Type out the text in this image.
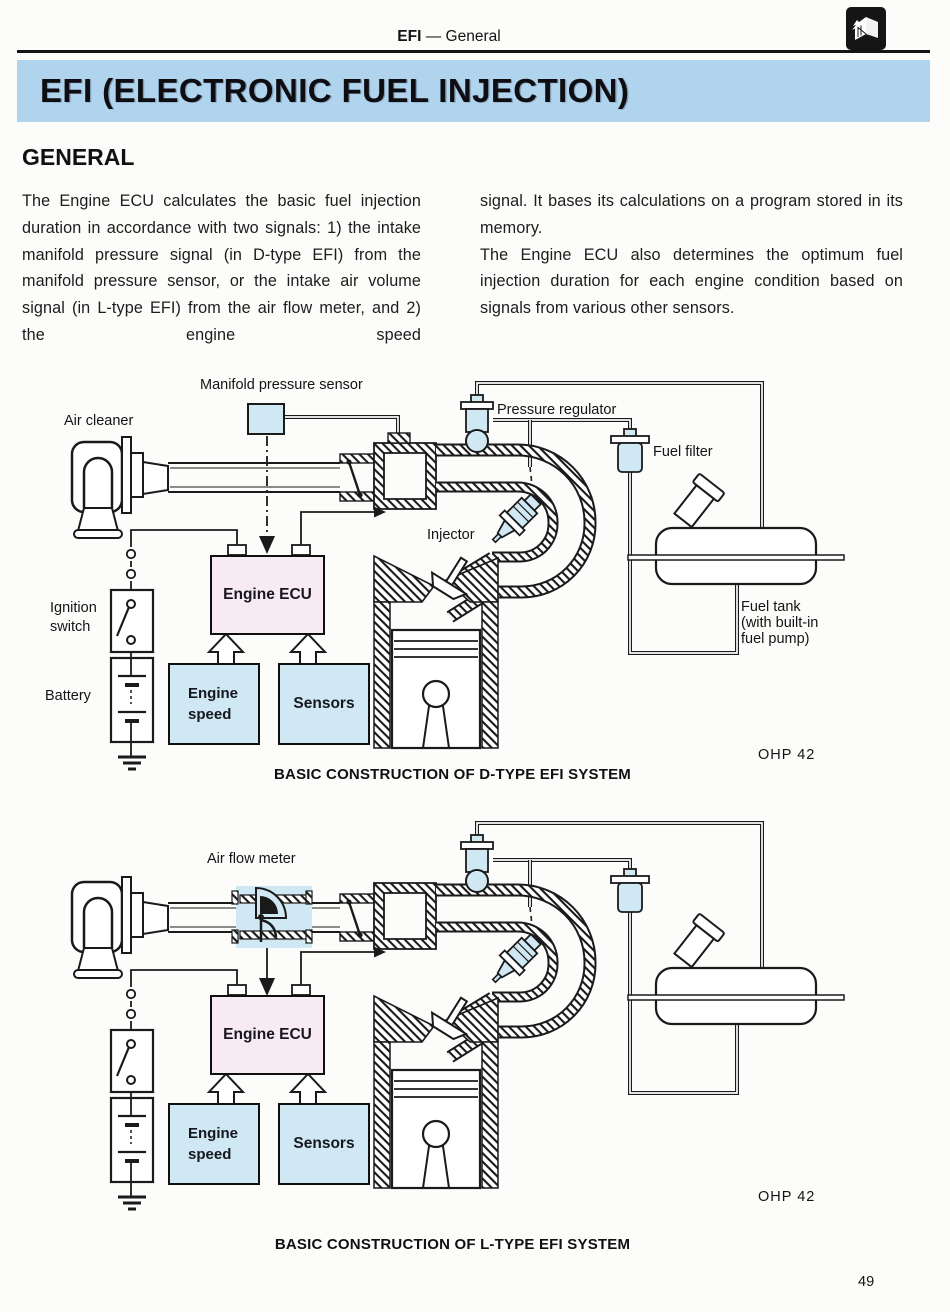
EFI — General
EFI (ELECTRONIC FUEL INJECTION)
GENERAL
The Engine ECU calculates the basic fuel injection duration in accordance with two signals: 1) the intake manifold pressure signal (in D-type EFI) from the manifold pressure sensor, or the intake air volume signal (in L-type EFI) from the air flow meter, and 2) the engine speed

signal. It bases its calculations on a program stored in its memory.

The Engine ECU also determines the optimum fuel injection duration for each engine condition based on signals from various other sensors.

Engine ECU
Engine
speed
Sensors
Manifold pressure sensor
Air cleaner
Pressure regulator
Fuel filter
Injector
Ignition
switch
Battery
Fuel tank
(with built-in
fuel pump)
OHP 42
BASIC CONSTRUCTION OF D-TYPE EFI SYSTEM
Engine ECU
Engine
speed
Sensors
Air flow meter
OHP 42
BASIC CONSTRUCTION OF L-TYPE EFI SYSTEM
49
